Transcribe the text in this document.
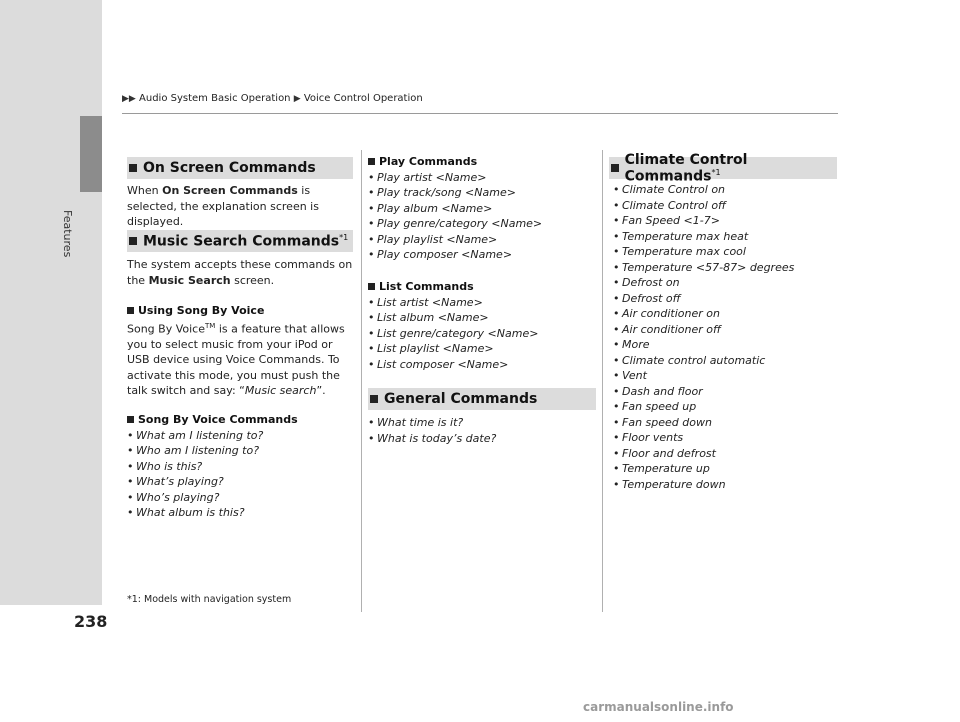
Features
238
▶▶ Audio System Basic Operation ▶ Voice Control Operation
On Screen Commands
When On Screen Commands is selected, the explanation screen is displayed.
Music Search Commands$^{*1}$
The system accepts these commands on the Music Search screen.
Using Song By Voice
Song By Voice™ is a feature that allows you to select music from your iPod or USB device using Voice Commands. To activate this mode, you must push the talk switch and say: “Music search”.
Song By Voice Commands
• What am I listening to?
• Who am I listening to?
• Who is this?
• What’s playing?
• Who’s playing?
• What album is this?
*1: Models with navigation system
Play Commands
• Play artist <Name>
• Play track/song <Name>
• Play album <Name>
• Play genre/category <Name>
• Play playlist <Name>
• Play composer <Name>
List Commands
• List artist <Name>
• List album <Name>
• List genre/category <Name>
• List playlist <Name>
• List composer <Name>
General Commands
• What time is it?
• What is today’s date?
Climate Control Commands$^{*1}$
• Climate Control on
• Climate Control off
• Fan Speed <1-7>
• Temperature max heat
• Temperature max cool
• Temperature <57-87> degrees
• Defrost on
• Defrost off
• Air conditioner on
• Air conditioner off
• More
• Climate control automatic
• Vent
• Dash and floor
• Fan speed up
• Fan speed down
• Floor vents
• Floor and defrost
• Temperature up
• Temperature down
carmanualsonline.info
